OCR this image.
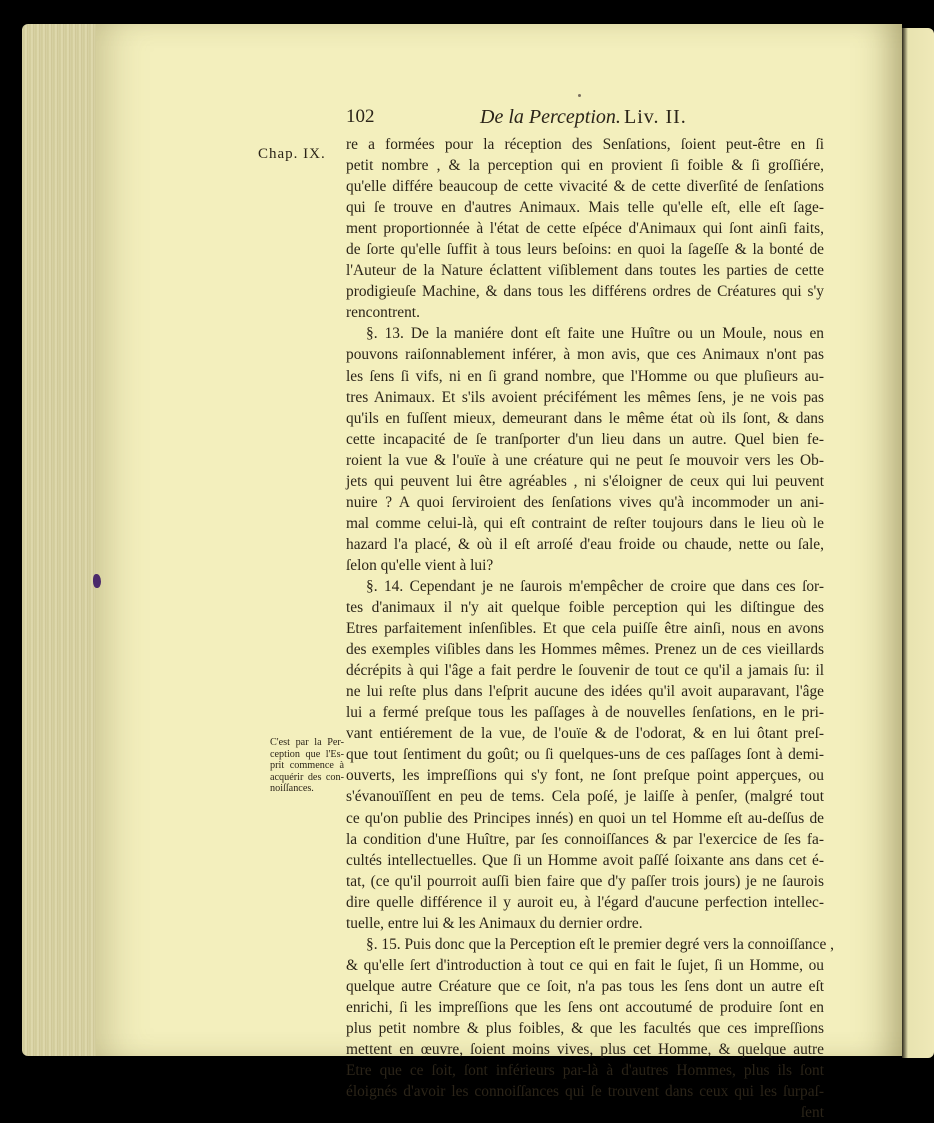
102	De la Perception. Liv. II.
Chap. IX.
C'est par la Per-
ception que l'Es-
prit commence à
acquérir des con-
noiſſances.
re a formées pour la réception des Senſations, ſoient peut-être en ſi
petit nombre , & la perception qui en provient ſi foible & ſi groſſiére,
qu'elle différe beaucoup de cette vivacité & de cette diverſité de ſenſations
qui ſe trouve en d'autres Animaux. Mais telle qu'elle eſt, elle eſt ſage-
ment proportionnée à l'état de cette eſpéce d'Animaux qui ſont ainſi faits,
de ſorte qu'elle ſuffit à tous leurs beſoins: en quoi la ſageſſe & la bonté de
l'Auteur de la Nature éclattent viſiblement dans toutes les parties de cette
prodigieuſe Machine, & dans tous les différens ordres de Créatures qui s'y
rencontrent.
§. 13. De la maniére dont eſt faite une Huître ou un Moule, nous en
pouvons raiſonnablement inférer, à mon avis, que ces Animaux n'ont pas
les ſens ſi vifs, ni en ſi grand nombre, que l'Homme ou que pluſieurs au-
tres Animaux. Et s'ils avoient précifément les mêmes ſens, je ne vois pas
qu'ils en fuſſent mieux, demeurant dans le même état où ils ſont, & dans
cette incapacité de ſe tranſporter d'un lieu dans un autre. Quel bien fe-
roient la vue & l'ouïe à une créature qui ne peut ſe mouvoir vers les Ob-
jets qui peuvent lui être agréables , ni s'éloigner de ceux qui lui peuvent
nuire ? A quoi ſerviroient des ſenſations vives qu'à incommoder un ani-
mal comme celui-là, qui eſt contraint de reſter toujours dans le lieu où le
hazard l'a placé, & où il eſt arroſé d'eau froide ou chaude, nette ou ſale,
ſelon qu'elle vient à lui?
§. 14. Cependant je ne ſaurois m'empêcher de croire que dans ces ſor-
tes d'animaux il n'y ait quelque foible perception qui les diſtingue des
Etres parfaitement inſenſibles. Et que cela puiſſe être ainſi, nous en avons
des exemples viſibles dans les Hommes mêmes. Prenez un de ces vieillards
décrépits à qui l'âge a fait perdre le ſouvenir de tout ce qu'il a jamais ſu: il
ne lui reſte plus dans l'eſprit aucune des idées qu'il avoit auparavant, l'âge
lui a fermé preſque tous les paſſages à de nouvelles ſenſations, en le pri-
vant entiérement de la vue, de l'ouïe & de l'odorat, & en lui ôtant preſ-
que tout ſentiment du goût; ou ſi quelques-uns de ces paſſages ſont à demi-
ouverts, les impreſſions qui s'y font, ne ſont preſque point apperçues, ou
s'évanouïſſent en peu de tems. Cela poſé, je laiſſe à penſer, (malgré tout
ce qu'on publie des Principes innés) en quoi un tel Homme eſt au-deſſus de
la condition d'une Huître, par ſes connoiſſances & par l'exercice de ſes fa-
cultés intellectuelles. Que ſi un Homme avoit paſſé ſoixante ans dans cet é-
tat, (ce qu'il pourroit auſſi bien faire que d'y paſſer trois jours) je ne ſaurois
dire quelle différence il y auroit eu, à l'égard d'aucune perfection intellec-
tuelle, entre lui & les Animaux du dernier ordre.
§. 15. Puis donc que la Perception eſt le premier degré vers la connoiſſance ,
& qu'elle ſert d'introduction à tout ce qui en fait le ſujet, ſi un Homme, ou
quelque autre Créature que ce ſoit, n'a pas tous les ſens dont un autre eſt
enrichi, ſi les impreſſions que les ſens ont accoutumé de produire ſont en
plus petit nombre & plus foibles, & que les facultés que ces impreſſions
mettent en œuvre, ſoient moins vives, plus cet Homme, & quelque autre
Etre que ce ſoit, ſont inférieurs par-là à d'autres Hommes, plus ils ſont
éloignés d'avoir les connoiſſances qui ſe trouvent dans ceux qui les ſurpaſ-
ſent
